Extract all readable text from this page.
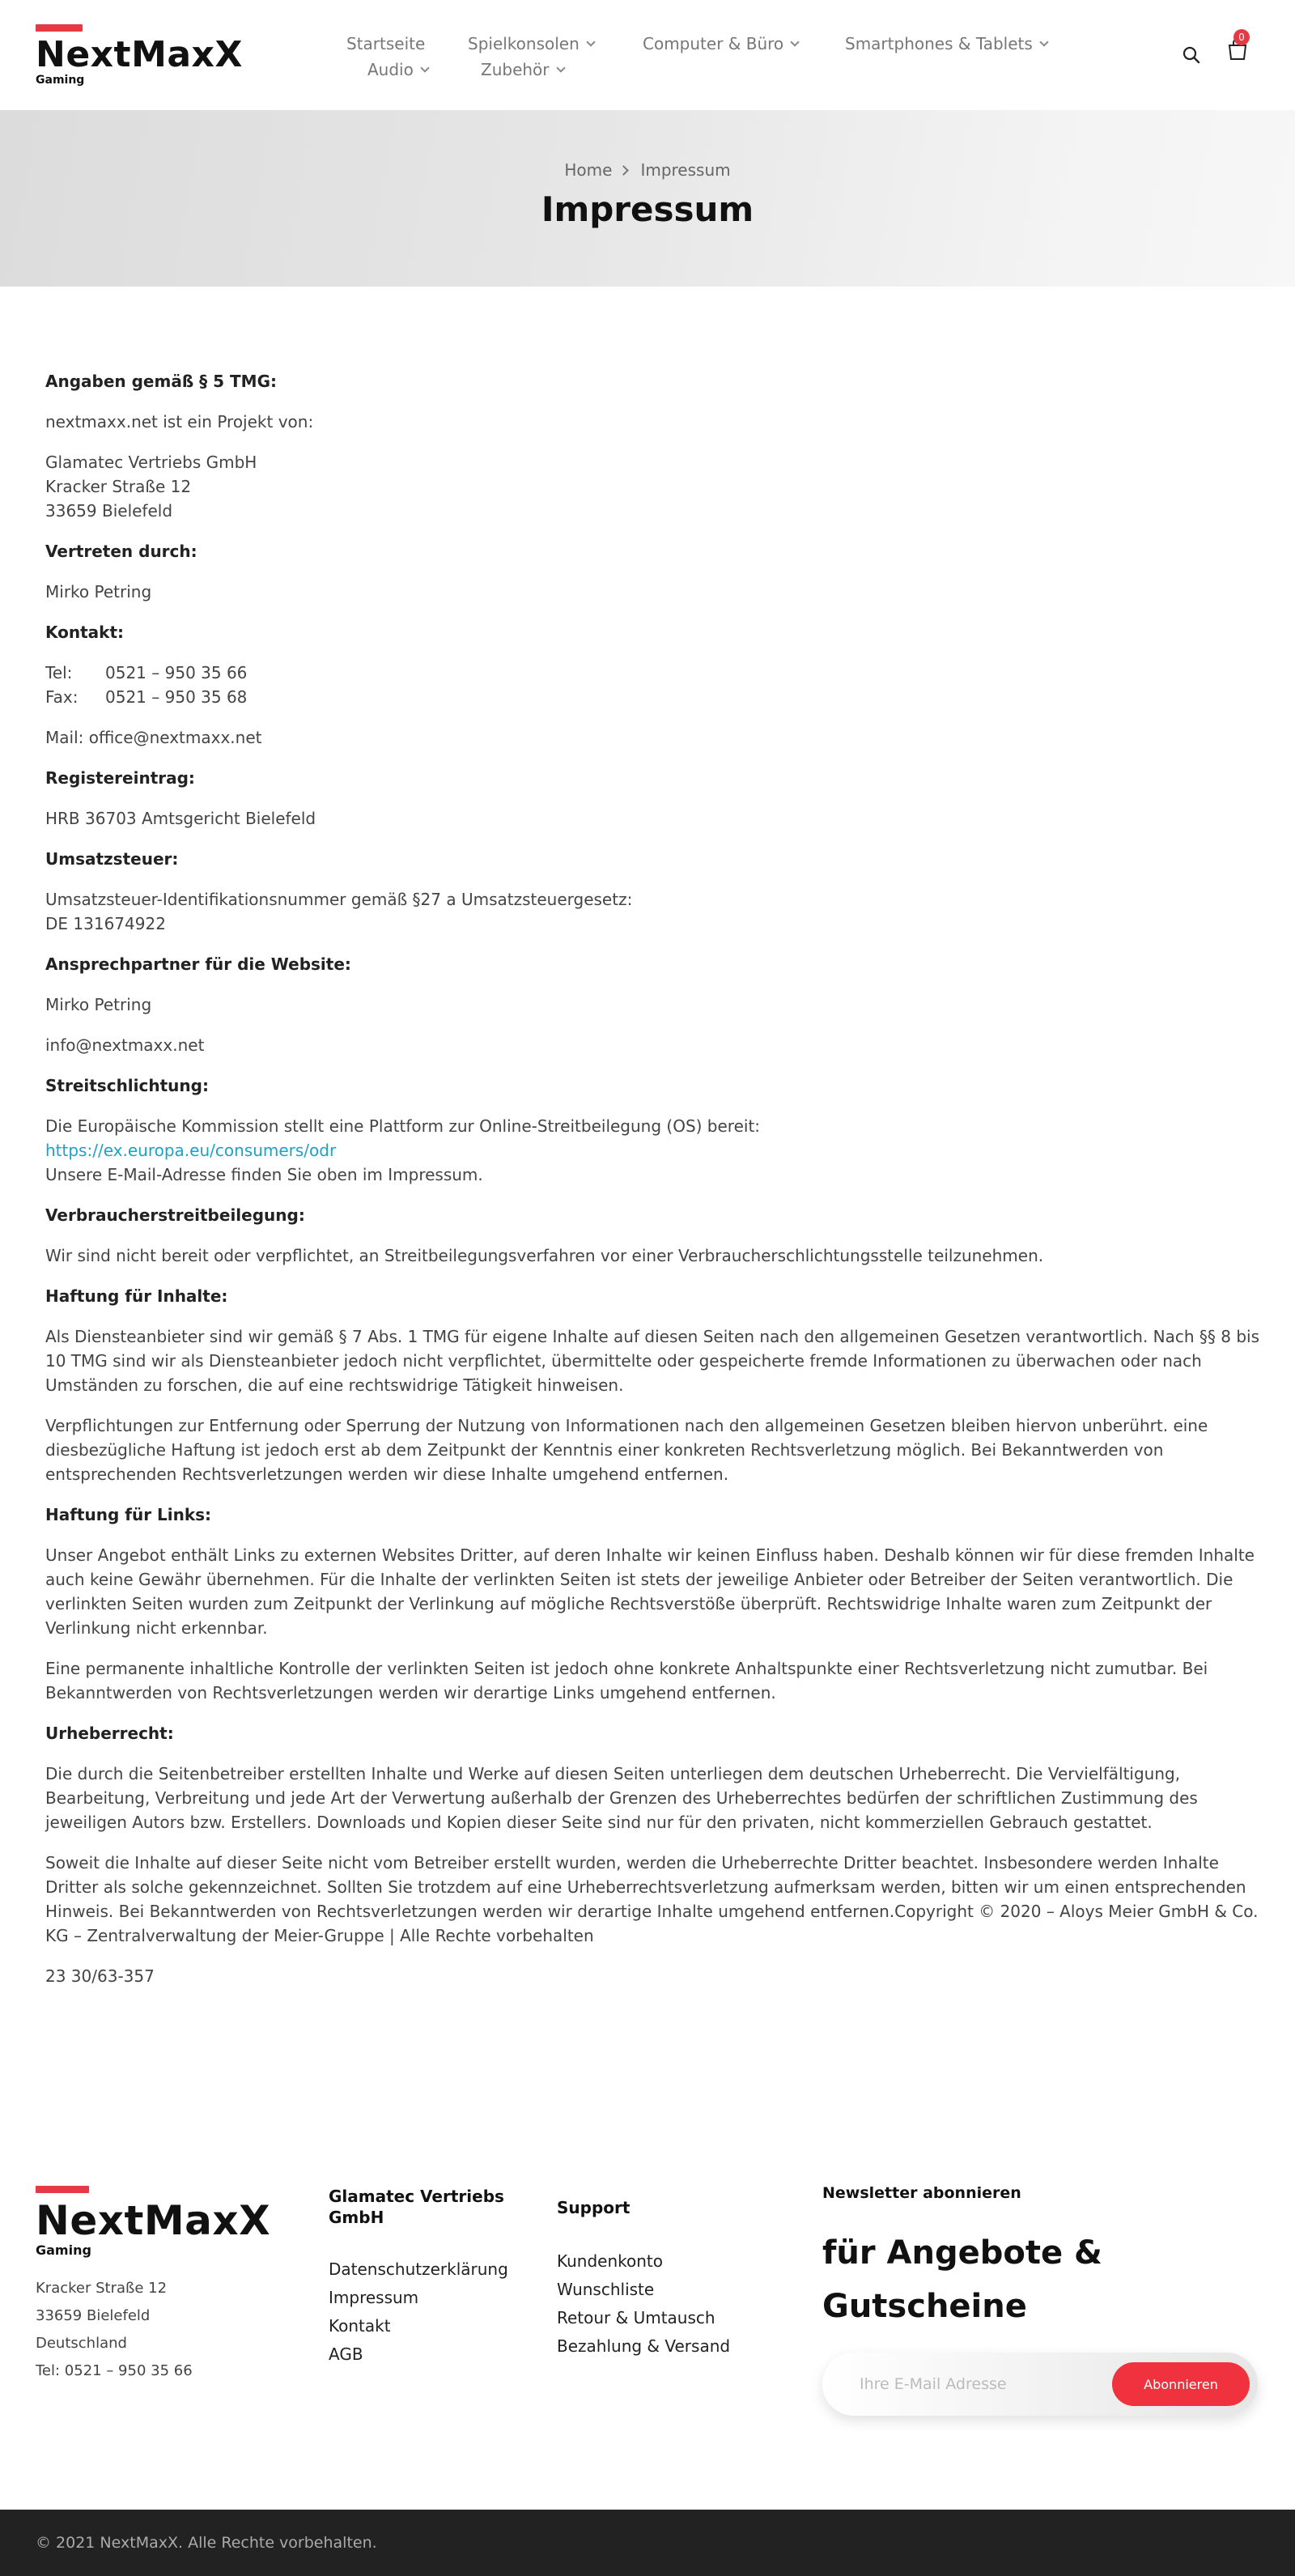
NextMaxX
Gaming
Startseite	Spielkonsolen	Computer & Büro	Smartphones & Tablets
Audio	Zubehör
0
Home Impressum
Impressum
Angaben gemäß § 5 TMG:

nextmaxx.net ist ein Projekt von:

Glamatec Vertriebs GmbH
Kracker Straße 12
33659 Bielefeld

Vertreten durch:

Mirko Petring

Kontakt:

Tel: 0521 – 950 35 66
Fax: 0521 – 950 35 68

Mail: office@nextmaxx.net

Registereintrag:

HRB 36703 Amtsgericht Bielefeld

Umsatzsteuer:

Umsatzsteuer-Identifikationsnummer gemäß §27 a Umsatzsteuergesetz:
DE 131674922

Ansprechpartner für die Website:

Mirko Petring

info@nextmaxx.net

Streitschlichtung:

Die Europäische Kommission stellt eine Plattform zur Online-Streitbeilegung (OS) bereit:
https://ex.europa.eu/consumers/odr
Unsere E-Mail-Adresse finden Sie oben im Impressum.

Verbraucherstreitbeilegung:

Wir sind nicht bereit oder verpflichtet, an Streitbeilegungsverfahren vor einer Verbraucherschlichtungsstelle teilzunehmen.

Haftung für Inhalte:

Als Diensteanbieter sind wir gemäß § 7 Abs. 1 TMG für eigene Inhalte auf diesen Seiten nach den allgemeinen Gesetzen verantwortlich. Nach §§ 8 bis 10 TMG sind wir als Diensteanbieter jedoch nicht verpflichtet, übermittelte oder gespeicherte fremde Informationen zu überwachen oder nach Umständen zu forschen, die auf eine rechtswidrige Tätigkeit hinweisen.

Verpflichtungen zur Entfernung oder Sperrung der Nutzung von Informationen nach den allgemeinen Gesetzen bleiben hiervon unberührt. eine diesbezügliche Haftung ist jedoch erst ab dem Zeitpunkt der Kenntnis einer konkreten Rechtsverletzung möglich. Bei Bekanntwerden von entsprechenden Rechtsverletzungen werden wir diese Inhalte umgehend entfernen.

Haftung für Links:

Unser Angebot enthält Links zu externen Websites Dritter, auf deren Inhalte wir keinen Einfluss haben. Deshalb können wir für diese fremden Inhalte auch keine Gewähr übernehmen. Für die Inhalte der verlinkten Seiten ist stets der jeweilige Anbieter oder Betreiber der Seiten verantwortlich. Die verlinkten Seiten wurden zum Zeitpunkt der Verlinkung auf mögliche Rechtsverstöße überprüft. Rechtswidrige Inhalte waren zum Zeitpunkt der Verlinkung nicht erkennbar.

Eine permanente inhaltliche Kontrolle der verlinkten Seiten ist jedoch ohne konkrete Anhaltspunkte einer Rechtsverletzung nicht zumutbar. Bei Bekanntwerden von Rechtsverletzungen werden wir derartige Links umgehend entfernen.

Urheberrecht:

Die durch die Seitenbetreiber erstellten Inhalte und Werke auf diesen Seiten unterliegen dem deutschen Urheberrecht. Die Vervielfältigung, Bearbeitung, Verbreitung und jede Art der Verwertung außerhalb der Grenzen des Urheberrechtes bedürfen der schriftlichen Zustimmung des jeweiligen Autors bzw. Erstellers. Downloads und Kopien dieser Seite sind nur für den privaten, nicht kommerziellen Gebrauch gestattet.

Soweit die Inhalte auf dieser Seite nicht vom Betreiber erstellt wurden, werden die Urheberrechte Dritter beachtet. Insbesondere werden Inhalte Dritter als solche gekennzeichnet. Sollten Sie trotzdem auf eine Urheberrechtsverletzung aufmerksam werden, bitten wir um einen entsprechenden Hinweis. Bei Bekanntwerden von Rechtsverletzungen werden wir derartige Inhalte umgehend entfernen.Copyright © 2020 – Aloys Meier GmbH & Co. KG – Zentralverwaltung der Meier-Gruppe | Alle Rechte vorbehalten

23 30/63-357

NextMaxX
Gaming
Kracker Straße 12
33659 Bielefeld
Deutschland
Tel: 0521 – 950 35 66
Glamatec Vertriebs GmbH
Datenschutzerklärung
Impressum
Kontakt
AGB
Support
Kundenkonto
Wunschliste
Retour & Umtausch
Bezahlung & Versand
Newsletter abonnieren
für Angebote & Gutscheine
Ihre E-Mail Adresse
Abonnieren
© 2021 NextMaxX. Alle Rechte vorbehalten.
